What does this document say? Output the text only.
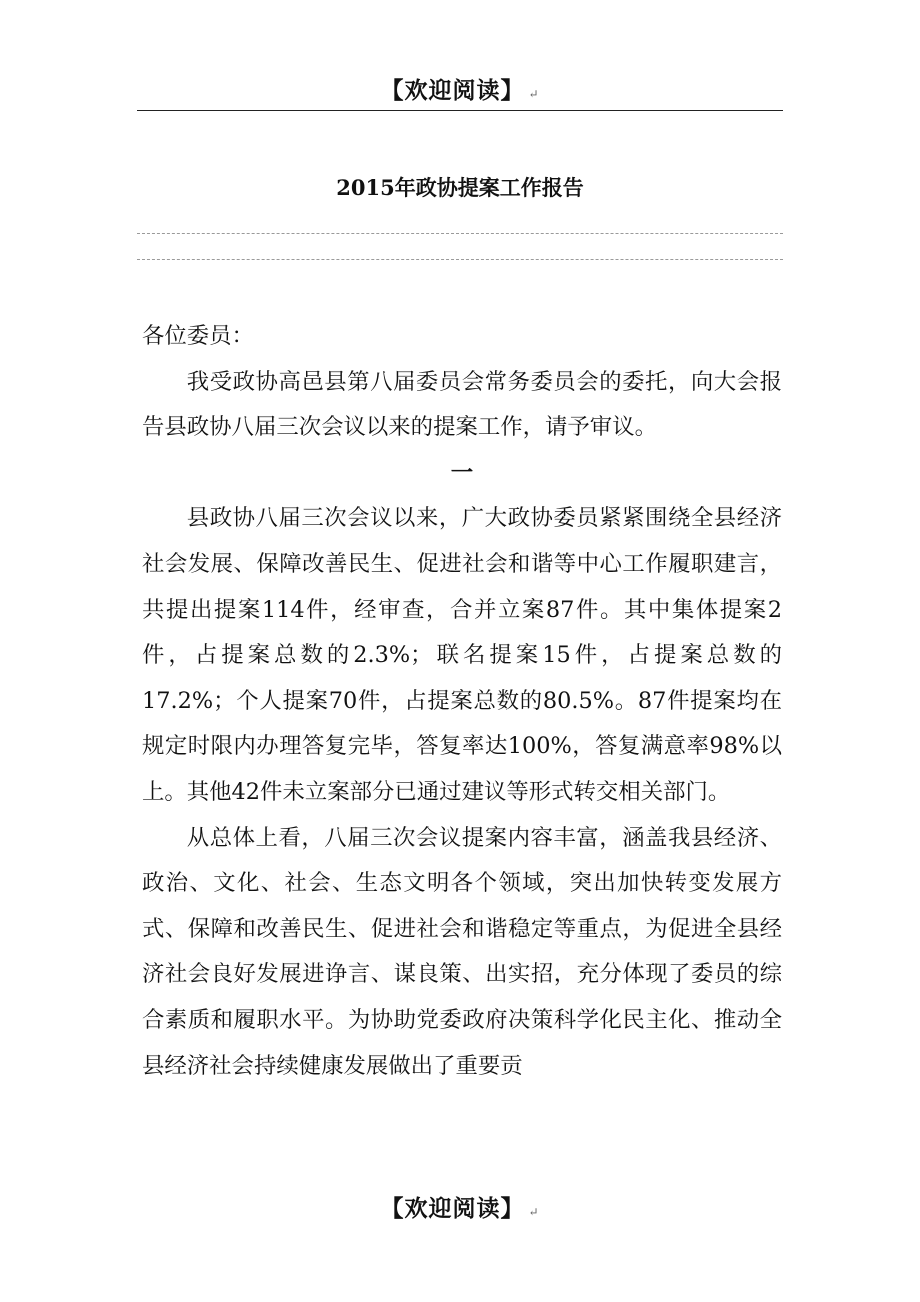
【欢迎阅读】 ↵
2015年政协提案工作报告

各位委员：

我受政协高邑县第八届委员会常务委员会的委托，向大会报告县政协八届三次会议以来的提案工作，请予审议。

一

县政协八届三次会议以来，广大政协委员紧紧围绕全县经济社会发展、保障改善民生、促进社会和谐等中心工作履职建言，共提出提案114件，经审查，合并立案87件。其中集体提案2件，占提案总数的2.3%；联名提案15件，占提案总数的17.2%；个人提案70件，占提案总数的80.5%。87件提案均在规定时限内办理答复完毕，答复率达100%，答复满意率98%以上。其他42件未立案部分已通过建议等形式转交相关部门。

从总体上看，八届三次会议提案内容丰富，涵盖我县经济、政治、文化、社会、生态文明各个领域，突出加快转变发展方式、保障和改善民生、促进社会和谐稳定等重点，为促进全县经济社会良好发展进诤言、谋良策、出实招，充分体现了委员的综合素质和履职水平。为协助党委政府决策科学化民主化、推动全县经济社会持续健康发展做出了重要贡

【欢迎阅读】 ↵
